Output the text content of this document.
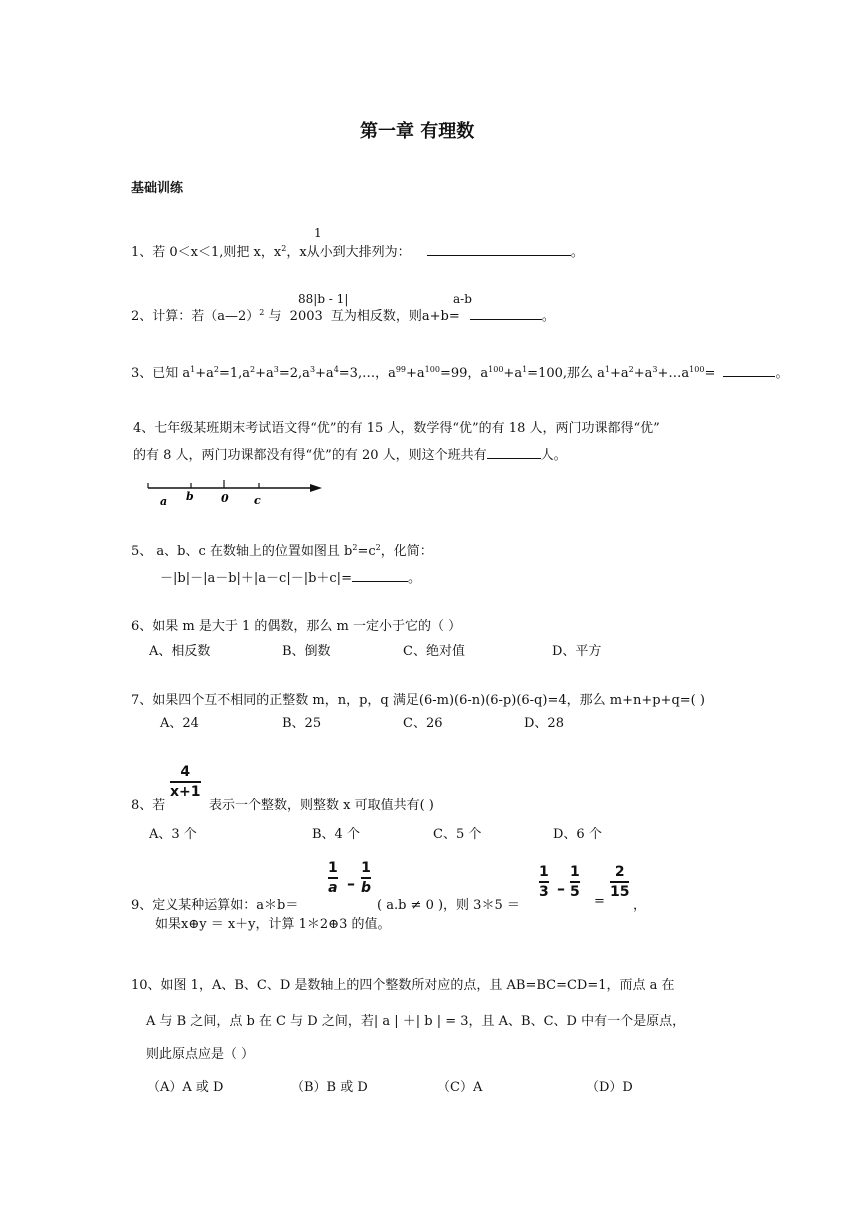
第一章 有理数
基础训练
1
1、若 0＜x＜1,则把 x，$x^2$，x从小到大排列为：	。
88|b - 1|	a-b
2、计算：若（a—2）$^2$ 与 2003 互为相反数，则a+b=	。
3、已知 $a^1+a^2=1,a^2+a^3=2,a^3+a^4=3,\dots$，$a^{99}+a^{100}=99$，$a^{100}+a^1=100$,那么 $a^1+a^2+a^3+\dots a^{100}=$	。
4、七年级某班期末考试语文得“优”的有 15 人，数学得“优”的有 18 人，两门功课都得“优”
的有 8 人，两门功课都没有得“优”的有 20 人，则这个班共有	人。
a b 0 c
5、 a、b、c 在数轴上的位置如图且 $b^2=c^2$，化简：
－|b|－|a－b|＋|a－c|－|b＋c|=	。
6、如果 m 是大于 1 的偶数，那么 m 一定小于它的（ ）
A、相反数	B、倒数	C、绝对值	D、平方
7、如果四个互不相同的正整数 m，n，p，q 满足(6-m)(6-n)(6-p)(6-q)=4，那么 m+n+p+q=( )
A、24	B、25	C、26	D、28
8、若
4
x+1
表示一个整数，则整数 x 可取值共有( )
A、3 个	B、4 个	C、5 个	D、6 个
9、定义某种运算如：a＊b＝
1
a –
1
b
( a.b ≠ 0 )，则 3＊5 ＝
1
3 –
1
5
=
2
15
，
如果x⊕y ＝ x＋y，计算 1＊2⊕3 的值。
10、如图 1，A、B、C、D 是数轴上的四个整数所对应的点，且 AB=BC=CD=1，而点 a 在
A 与 B 之间，点 b 在 C 与 D 之间，若| a | ＋| b | = 3，且 A、B、C、D 中有一个是原点，
则此原点应是（ ）
（A）A 或 D	（B）B 或 D	（C）A	（D）D
